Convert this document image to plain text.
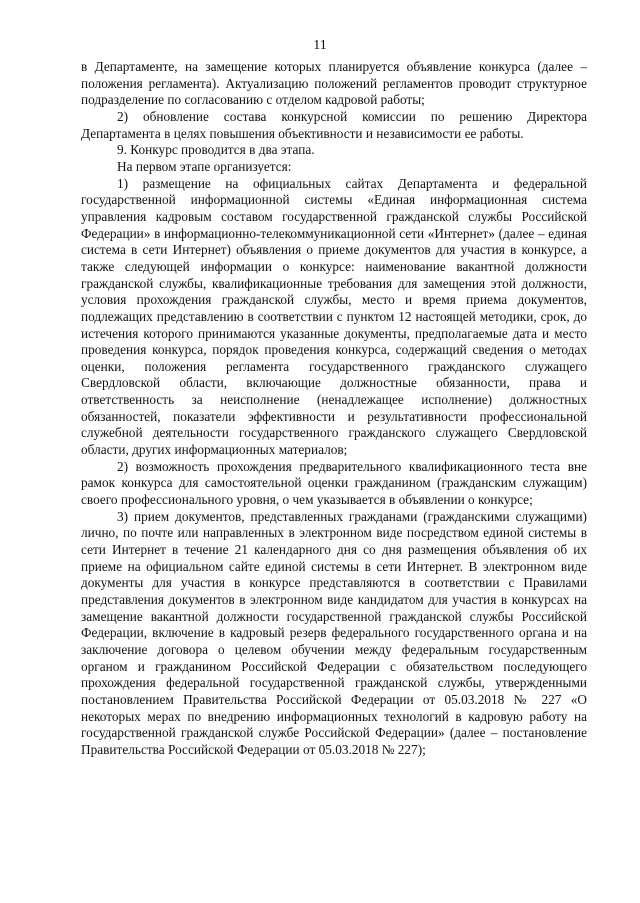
11

в Департаменте, на замещение которых планируется объявление конкурса (далее – положения регламента). Актуализацию положений регламентов проводит структурное подразделение по согласованию с отделом кадровой работы;

2) обновление состава конкурсной комиссии по решению Директора Департамента в целях повышения объективности и независимости ее работы.

9. Конкурс проводится в два этапа.

На первом этапе организуется:

1) размещение на официальных сайтах Департамента и федеральной государственной информационной системы «Единая информационная система управления кадровым составом государственной гражданской службы Российской Федерации» в информационно-телекоммуникационной сети «Интернет» (далее – единая система в сети Интернет) объявления о приеме документов для участия в конкурсе, а также следующей информации о конкурсе: наименование вакантной должности гражданской службы, квалификационные требования для замещения этой должности, условия прохождения гражданской службы, место и время приема документов, подлежащих представлению в соответствии с пунктом 12 настоящей методики, срок, до истечения которого принимаются указанные документы, предполагаемые дата и место проведения конкурса, порядок проведения конкурса, содержащий сведения о методах оценки, положения регламента государственного гражданского служащего Свердловской области, включающие должностные обязанности, права и ответственность за неисполнение (ненадлежащее исполнение) должностных обязанностей, показатели эффективности и результативности профессиональной служебной деятельности государственного гражданского служащего Свердловской области, других информационных материалов;

2) возможность прохождения предварительного квалификационного теста вне рамок конкурса для самостоятельной оценки гражданином (гражданским служащим) своего профессионального уровня, о чем указывается в объявлении о конкурсе;

3) прием документов, представленных гражданами (гражданскими служащими) лично, по почте или направленных в электронном виде посредством единой системы в сети Интернет в течение 21 календарного дня со дня размещения объявления об их приеме на официальном сайте единой системы в сети Интернет. В электронном виде документы для участия в конкурсе представляются в соответствии с Правилами представления документов в электронном виде кандидатом для участия в конкурсах на замещение вакантной должности государственной гражданской службы Российской Федерации, включение в кадровый резерв федерального государственного органа и на заключение договора о целевом обучении между федеральным государственным органом и гражданином Российской Федерации с обязательством последующего прохождения федеральной государственной гражданской службы, утвержденными постановлением Правительства Российской Федерации от 05.03.2018 № 227 «О некоторых мерах по внедрению информационных технологий в кадровую работу на государственной гражданской службе Российской Федерации» (далее – постановление Правительства Российской Федерации от 05.03.2018 № 227);
